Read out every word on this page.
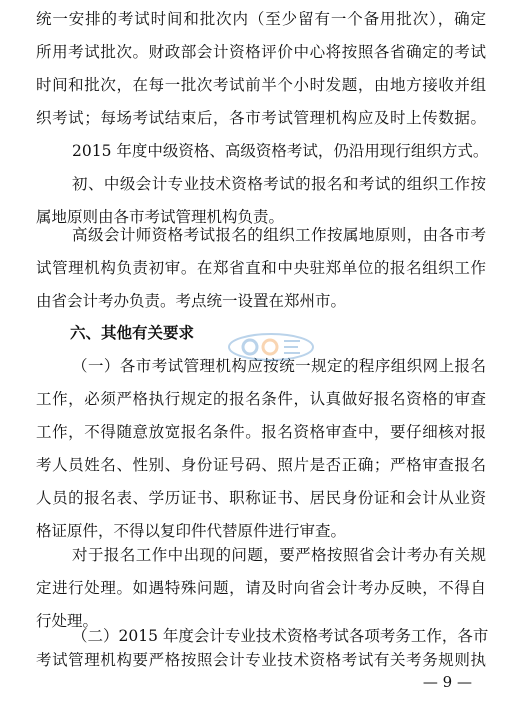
统一安排的考试时间和批次内（至少留有一个备用批次），确定
所用考试批次。财政部会计资格评价中心将按照各省确定的考试
时间和批次，在每一批次考试前半个小时发题，由地方接收并组
织考试；每场考试结束后，各市考试管理机构应及时上传数据。
2015 年度中级资格、高级资格考试，仍沿用现行组织方式。
初、中级会计专业技术资格考试的报名和考试的组织工作按
属地原则由各市考试管理机构负责。
高级会计师资格考试报名的组织工作按属地原则，由各市考
试管理机构负责初审。在郑省直和中央驻郑单位的报名组织工作
由省会计考办负责。考点统一设置在郑州市。
六、其他有关要求
（一）各市考试管理机构应按统一规定的程序组织网上报名
工作，必须严格执行规定的报名条件，认真做好报名资格的审查
工作，不得随意放宽报名条件。报名资格审查中，要仔细核对报
考人员姓名、性别、身份证号码、照片是否正确；严格审查报名
人员的报名表、学历证书、职称证书、居民身份证和会计从业资
格证原件，不得以复印件代替原件进行审查。
对于报名工作中出现的问题，要严格按照省会计考办有关规
定进行处理。如遇特殊问题，请及时向省会计考办反映，不得自
行处理。
（二）2015 年度会计专业技术资格考试各项考务工作，各市
考试管理机构要严格按照会计专业技术资格考试有关考务规则执
— 9 —
